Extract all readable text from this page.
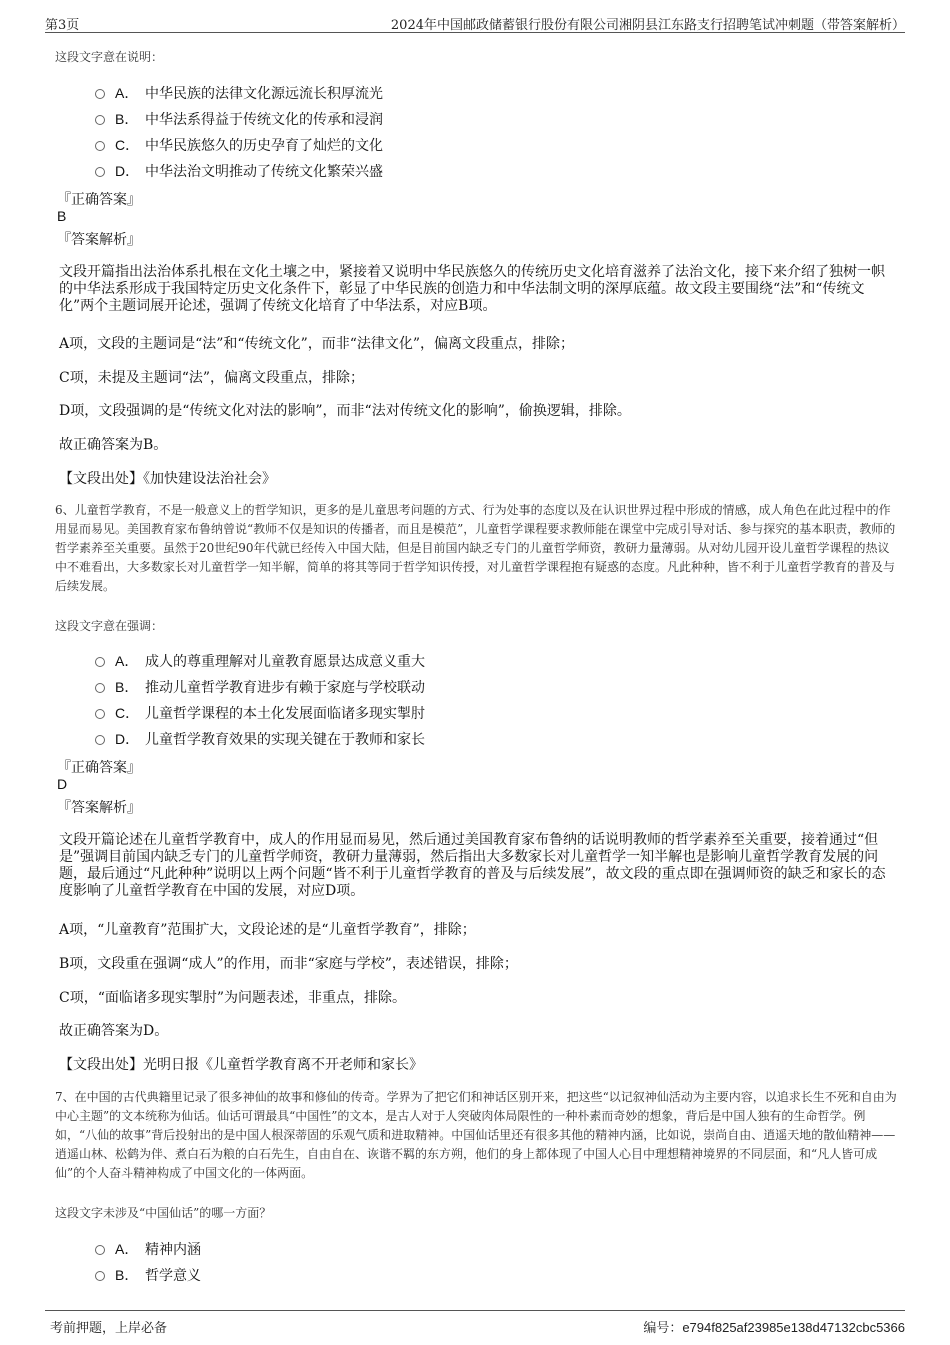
第3页	2024年中国邮政储蓄银行股份有限公司湘阴县江东路支行招聘笔试冲刺题（带答案解析）
这段文字意在说明：
A． 中华民族的法律文化源远流长积厚流光
B． 中华法系得益于传统文化的传承和浸润
C． 中华民族悠久的历史孕育了灿烂的文化
D． 中华法治文明推动了传统文化繁荣兴盛
『正确答案』
B
『答案解析』
文段开篇指出法治体系扎根在文化土壤之中，紧接着又说明中华民族悠久的传统历史文化培育滋养了法治文化，接下来介绍了独树一帜的中华法系形成于我国特定历史文化条件下，彰显了中华民族的创造力和中华法制文明的深厚底蕴。故文段主要围绕“法”和“传统文化”两个主题词展开论述，强调了传统文化培育了中华法系，对应B项。
A项，文段的主题词是“法”和“传统文化”，而非“法律文化”，偏离文段重点，排除；
C项，未提及主题词“法”，偏离文段重点，排除；
D项，文段强调的是“传统文化对法的影响”，而非“法对传统文化的影响”，偷换逻辑，排除。
故正确答案为B。
【文段出处】《加快建设法治社会》
6、儿童哲学教育，不是一般意义上的哲学知识，更多的是儿童思考问题的方式、行为处事的态度以及在认识世界过程中形成的情感，成人角色在此过程中的作用显而易见。美国教育家布鲁纳曾说“教师不仅是知识的传播者，而且是模范”，儿童哲学课程要求教师能在课堂中完成引导对话、参与探究的基本职责，教师的哲学素养至关重要。虽然于20世纪90年代就已经传入中国大陆，但是目前国内缺乏专门的儿童哲学师资，教研力量薄弱。从对幼儿园开设儿童哲学课程的热议中不难看出，大多数家长对儿童哲学一知半解，简单的将其等同于哲学知识传授，对儿童哲学课程抱有疑惑的态度。凡此种种，皆不利于儿童哲学教育的普及与后续发展。
这段文字意在强调：
A． 成人的尊重理解对儿童教育愿景达成意义重大
B． 推动儿童哲学教育进步有赖于家庭与学校联动
C． 儿童哲学课程的本土化发展面临诸多现实掣肘
D． 儿童哲学教育效果的实现关键在于教师和家长
『正确答案』
D
『答案解析』
文段开篇论述在儿童哲学教育中，成人的作用显而易见，然后通过美国教育家布鲁纳的话说明教师的哲学素养至关重要，接着通过“但是”强调目前国内缺乏专门的儿童哲学师资，教研力量薄弱，然后指出大多数家长对儿童哲学一知半解也是影响儿童哲学教育发展的问题，最后通过“凡此种种”说明以上两个问题“皆不利于儿童哲学教育的普及与后续发展”，故文段的重点即在强调师资的缺乏和家长的态度影响了儿童哲学教育在中国的发展，对应D项。
A项，“儿童教育”范围扩大，文段论述的是“儿童哲学教育”，排除；
B项，文段重在强调“成人”的作用，而非“家庭与学校”，表述错误，排除；
C项，“面临诸多现实掣肘”为问题表述，非重点，排除。
故正确答案为D。
【文段出处】光明日报《儿童哲学教育离不开老师和家长》
7、在中国的古代典籍里记录了很多神仙的故事和修仙的传奇。学界为了把它们和神话区别开来，把这些“以记叙神仙活动为主要内容，以追求长生不死和自由为中心主题”的文本统称为仙话。仙话可谓最具“中国性”的文本，是古人对于人突破肉体局限性的一种朴素而奇妙的想象，背后是中国人独有的生命哲学。例如，“八仙的故事”背后投射出的是中国人根深蒂固的乐观气质和进取精神。中国仙话里还有很多其他的精神内涵，比如说，崇尚自由、逍遥天地的散仙精神——逍遥山林、松鹤为伴、煮白石为粮的白石先生，自由自在、诙谐不羁的东方朔，他们的身上都体现了中国人心目中理想精神境界的不同层面，和“凡人皆可成仙”的个人奋斗精神构成了中国文化的一体两面。
这段文字未涉及“中国仙话”的哪一方面？
A． 精神内涵
B． 哲学意义
考前押题，上岸必备	编号：e794f825af23985e138d47132cbc5366
